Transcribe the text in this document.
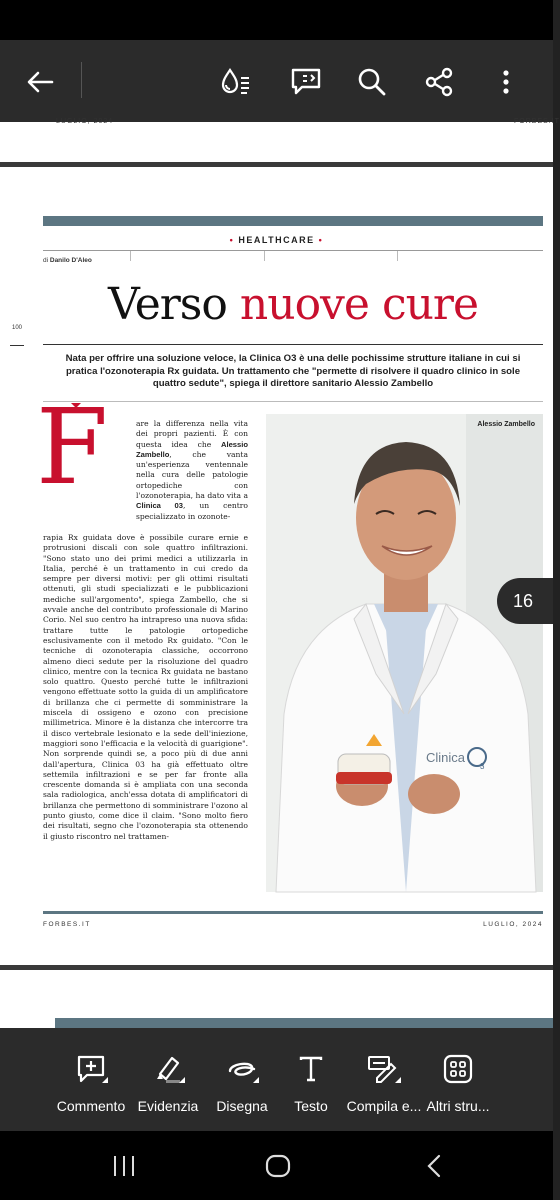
LUGLIO, 2024	FORBES.IT
• HEALTHCARE •
di Danilo D'Aleo
100	Verso nuove cure
Nata per offrire una soluzione veloce, la Clinica O3 è una delle pochissime strutture italiane in cui si pratica l'ozonoterapia Rx guidata. Un trattamento che "permette di risolvere il quadro clinico in sole quattro sedute", spiega il direttore sanitario Alessio Zambello
F	are la differenza nella vita dei propri pazienti. È con questa idea che Alessio Zambello, che vanta un'esperienza ventennale nella cura delle patologie ortopediche con l'ozonoterapia, ha dato vita a Clinica 03, un centro specializzato in ozonote-
rapia Rx guidata dove è possibile curare ernie e protrusioni discali con sole quattro infiltrazioni. "Sono stato uno dei primi medici a utilizzarla in Italia, perché è un trattamento in cui credo da sempre per diversi motivi: per gli ottimi risultati ottenuti, gli studi specializzati e le pubblicazioni mediche sull'argomento", spiega Zambello, che si avvale anche del contributo professionale di Marino Corio. Nel suo centro ha intrapreso una nuova sfida: trattare tutte le patologie ortopediche esclusivamente con il metodo Rx guidato. "Con le tecniche di ozonoterapia classiche, occorrono almeno dieci sedute per la risoluzione del quadro clinico, mentre con la tecnica Rx guidata ne bastano solo quattro. Questo perché tutte le infiltrazioni vengono effettuate sotto la guida di un amplificatore di brillanza che ci permette di somministrare la miscela di ossigeno e ozono con precisione millimetrica. Minore è la distanza che intercorre tra il disco vertebrale lesionato e la sede dell'iniezione, maggiori sono l'efficacia e la velocità di guarigione". Non sorprende quindi se, a poco più di due anni dall'apertura, Clinica 03 ha già effettuato oltre settemila infiltrazioni e se per far fronte alla crescente domanda si è ampliata con una seconda sala radiologica, anch'essa dotata di amplificatori di brillanza che permettono di somministrare l'ozono al punto giusto, come dice il claim. "Sono molto fiero dei risultati, segno che l'ozonoterapia sta ottenendo il giusto riscontro nel trattamen-
Clinica
3
Alessio Zambello
FORBES.IT	LUGLIO, 2024
16
Commento Evidenzia Disegna Testo Compila e... Altri stru...
